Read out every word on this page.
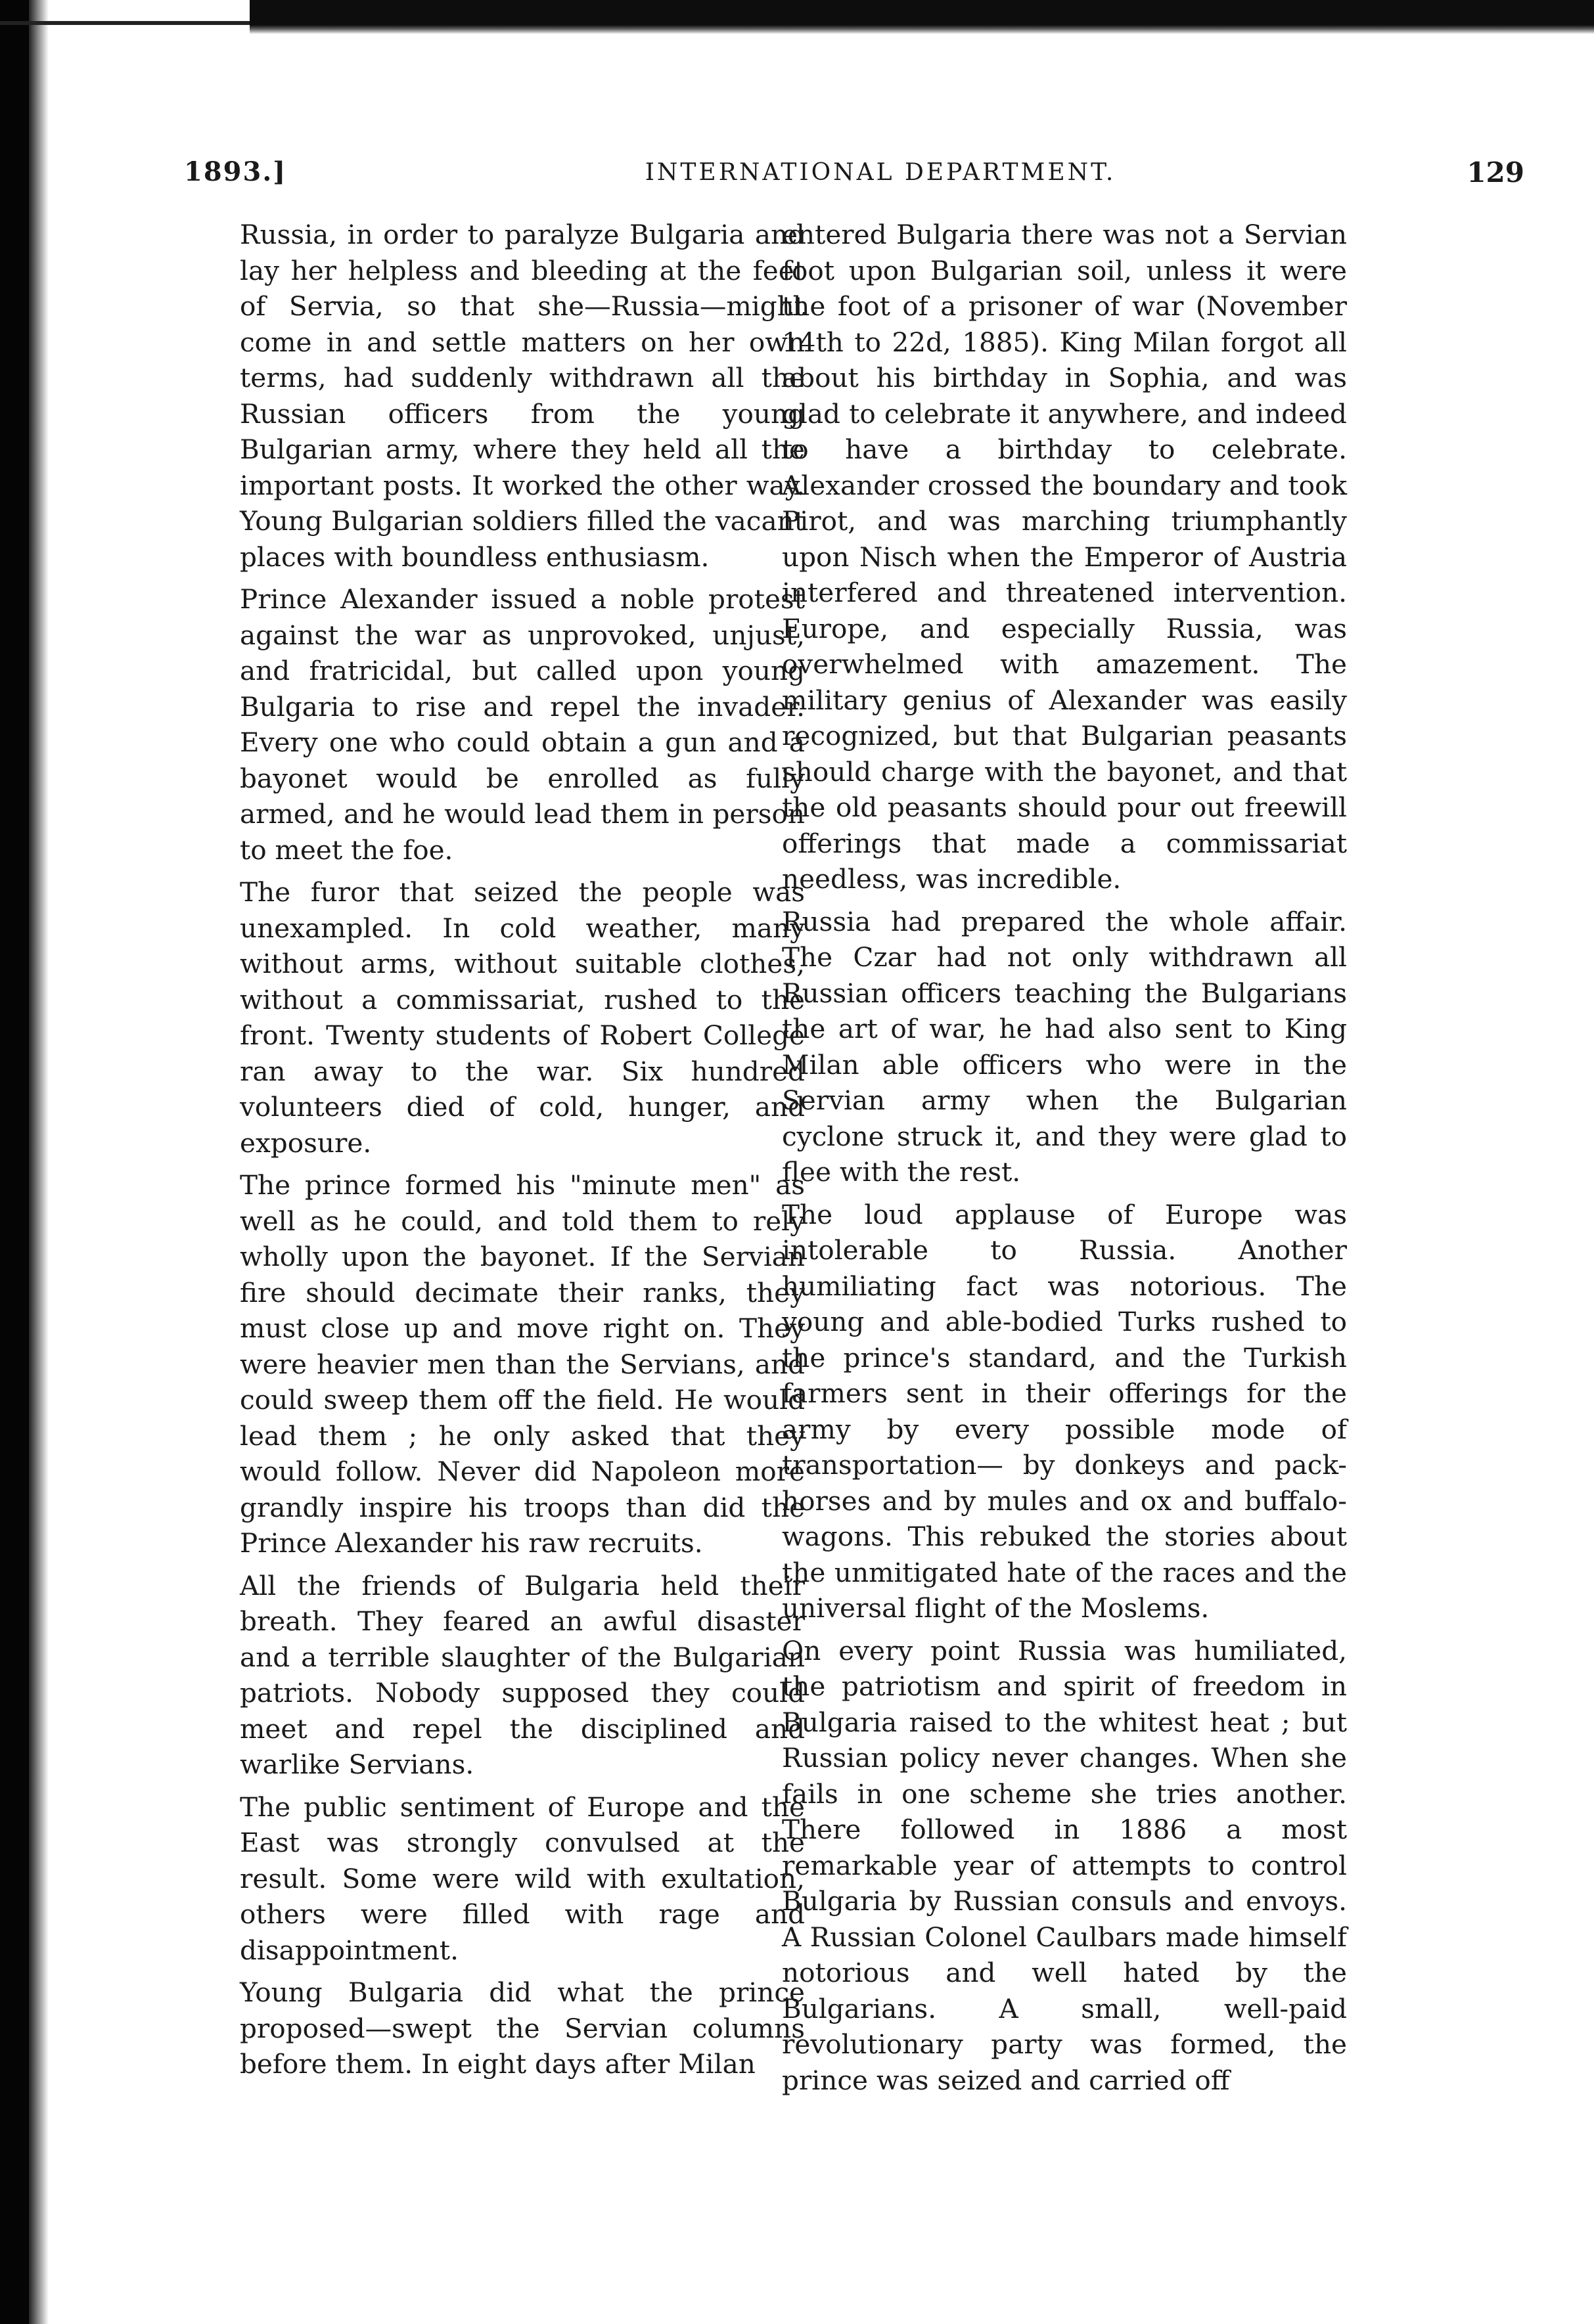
1893.]	INTERNATIONAL DEPARTMENT.	129

Russia, in order to paralyze Bulgaria and lay her helpless and bleeding at the feet of Servia, so that she—Russia—might come in and settle matters on her own terms, had suddenly withdrawn all the Russian officers from the young Bulgarian army, where they held all the important posts. It worked the other way. Young Bulgarian soldiers filled the vacant places with boundless enthusiasm.

Prince Alexander issued a noble protest against the war as unprovoked, unjust, and fratricidal, but called upon young Bulgaria to rise and repel the invader. Every one who could obtain a gun and a bayonet would be enrolled as fully armed, and he would lead them in person to meet the foe.

The furor that seized the people was unexampled. In cold weather, many without arms, without suitable clothes, without a commissariat, rushed to the front. Twenty students of Robert College ran away to the war. Six hundred volunteers died of cold, hunger, and exposure.

The prince formed his "minute men" as well as he could, and told them to rely wholly upon the bayonet. If the Servian fire should decimate their ranks, they must close up and move right on. They were heavier men than the Servians, and could sweep them off the field. He would lead them ; he only asked that they would follow. Never did Napoleon more grandly inspire his troops than did the Prince Alexander his raw recruits.

All the friends of Bulgaria held their breath. They feared an awful disaster and a terrible slaughter of the Bulgarian patriots. Nobody supposed they could meet and repel the disciplined and warlike Servians.

The public sentiment of Europe and the East was strongly convulsed at the result. Some were wild with exultation, others were filled with rage and disappointment.

Young Bulgaria did what the prince proposed—swept the Servian columns before them. In eight days after Milan

entered Bulgaria there was not a Servian foot upon Bulgarian soil, unless it were the foot of a prisoner of war (November 14th to 22d, 1885). King Milan forgot all about his birthday in Sophia, and was glad to celebrate it anywhere, and indeed to have a birthday to celebrate. Alexander crossed the boundary and took Pirot, and was marching triumphantly upon Nisch when the Emperor of Austria interfered and threatened intervention. Europe, and especially Russia, was overwhelmed with amazement. The military genius of Alexander was easily recognized, but that Bulgarian peasants should charge with the bayonet, and that the old peasants should pour out freewill offerings that made a commissariat needless, was incredible.

Russia had prepared the whole affair. The Czar had not only withdrawn all Russian officers teaching the Bulgarians the art of war, he had also sent to King Milan able officers who were in the Servian army when the Bulgarian cyclone struck it, and they were glad to flee with the rest.

The loud applause of Europe was intolerable to Russia. Another humiliating fact was notorious. The young and able-bodied Turks rushed to the prince's standard, and the Turkish farmers sent in their offerings for the army by every possible mode of transportation— by donkeys and pack-horses and by mules and ox and buffalo-wagons. This rebuked the stories about the unmitigated hate of the races and the universal flight of the Moslems.

On every point Russia was humiliated, the patriotism and spirit of freedom in Bulgaria raised to the whitest heat ; but Russian policy never changes. When she fails in one scheme she tries another. There followed in 1886 a most remarkable year of attempts to control Bulgaria by Russian consuls and envoys. A Russian Colonel Caulbars made himself notorious and well hated by the Bulgarians. A small, well-paid revolutionary party was formed, the prince was seized and carried off
